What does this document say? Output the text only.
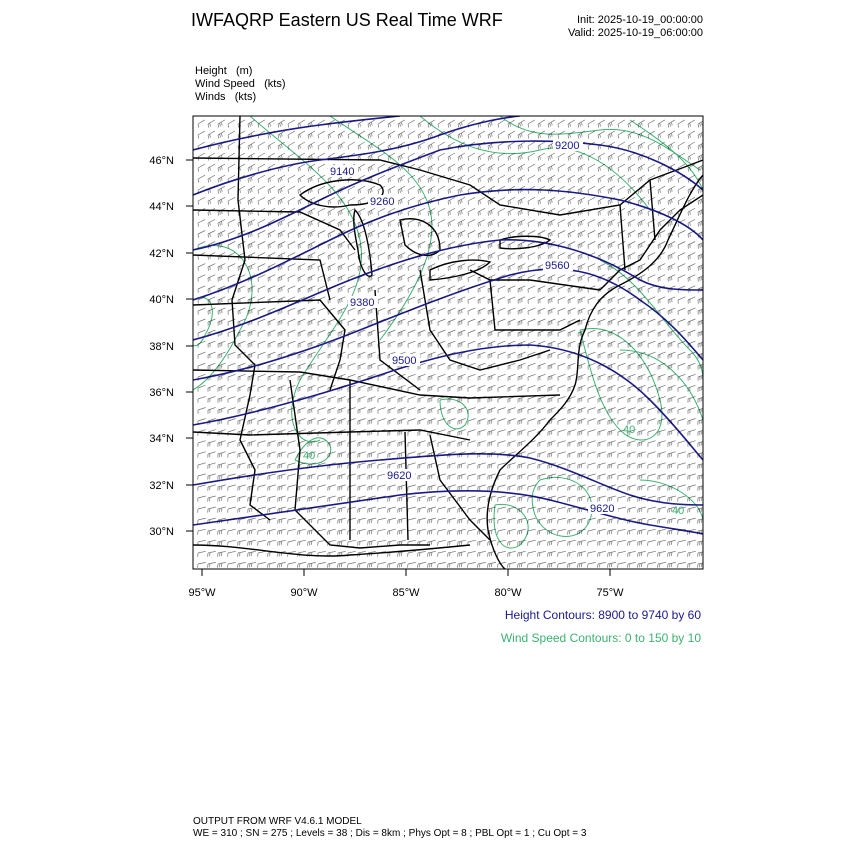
IWFAQRP Eastern US Real Time WRF	Init: 2025-10-19_00:00:00
Valid: 2025-10-19_06:00:00
Height   (m)
Wind Speed   (kts)
Winds   (kts)
9140
9260
9380
9500
9200
9560
9620
9620
40
40
40
46°N
44°N
42°N
40°N
38°N
36°N
34°N
32°N
30°N
95°W	90°W	85°W	80°W	75°W
Height Contours: 8900 to 9740 by 60
Wind Speed Contours: 0 to 150 by 10
OUTPUT FROM WRF V4.6.1 MODEL
WE = 310 ; SN = 275 ; Levels = 38 ; Dis = 8km ; Phys Opt = 8 ; PBL Opt = 1 ; Cu Opt = 3
